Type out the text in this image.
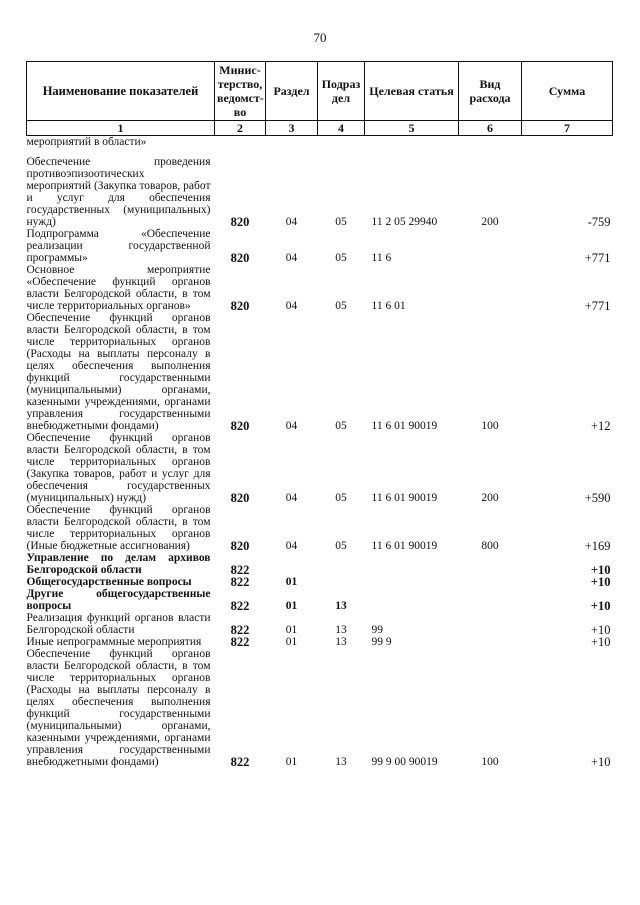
70
Наименование показателей	Минис-терство, ведомст-во	Раздел	Подраз дел	Целевая статья	Вид расхода	Сумма
1	2	3	4	5	6	7
мероприятий в области»						
Обеспечение проведения противоэпизоотических мероприятий (Закупка товаров, работ и услуг для обеспечения государственных (муниципальных) нужд)	820	04	05	11 2 05 29940	200	-759
Подпрограмма «Обеспечение реализации государственной программы»	820	04	05	11 6		+771
Основное мероприятие «Обеспечение функций органов власти Белгородской области, в том числе территориальных органов»	820	04	05	11 6 01		+771
Обеспечение функций органов власти Белгородской области, в том числе территориальных органов (Расходы на выплаты персоналу в целях обеспечения выполнения функций государственными (муниципальными) органами, казенными учреждениями, органами управления государственными внебюджетными фондами)	820	04	05	11 6 01 90019	100	+12
Обеспечение функций органов власти Белгородской области, в том числе территориальных органов (Закупка товаров, работ и услуг для обеспечения государственных (муниципальных) нужд)	820	04	05	11 6 01 90019	200	+590
Обеспечение функций органов власти Белгородской области, в том числе территориальных органов (Иные бюджетные ассигнования)	820	04	05	11 6 01 90019	800	+169
Управление по делам архивов Белгородской области	822					+10
Общегосударственные вопросы	822	01				+10
Другие общегосударственные вопросы	822	01	13			+10
Реализация функций органов власти Белгородской области	822	01	13	99		+10
Иные непрограммные мероприятия	822	01	13	99 9		+10
Обеспечение функций органов власти Белгородской области, в том числе территориальных органов (Расходы на выплаты персоналу в целях обеспечения выполнения функций государственными (муниципальными) органами, казенными учреждениями, органами управления государственными внебюджетными фондами)	822	01	13	99 9 00 90019	100	+10
